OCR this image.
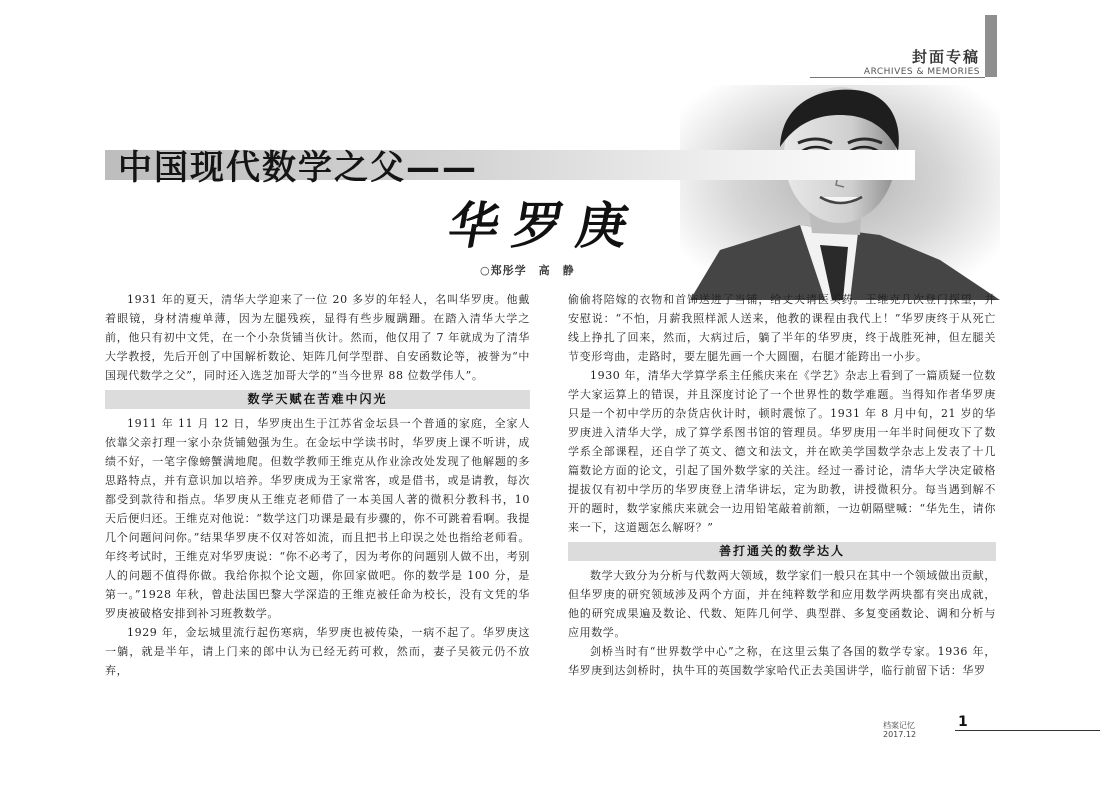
封面专稿
ARCHIVES & MEMORIES
中国现代数学之父——
华罗庚
○郑彤学　高　静

1931 年的夏天，清华大学迎来了一位 20 多岁的年轻人，名叫华罗庚。他戴着眼镜，身材清瘦单薄，因为左腿残疾，显得有些步履蹒跚。在踏入清华大学之前，他只有初中文凭，在一个小杂货铺当伙计。然而，他仅用了 7 年就成为了清华大学教授，先后开创了中国解析数论、矩阵几何学型群、自安函数论等，被誉为“中国现代数学之父”，同时还入选芝加哥大学的“当今世界 88 位数学伟人”。

数学天赋在苦难中闪光

1911 年 11 月 12 日，华罗庚出生于江苏省金坛县一个普通的家庭，全家人依靠父亲打理一家小杂货铺勉强为生。在金坛中学读书时，华罗庚上课不听讲，成绩不好，一笔字像螃蟹满地爬。但数学教师王维克从作业涂改处发现了他解题的多思路特点，并有意识加以培养。华罗庚成为王家常客，或是借书，或是请教，每次都受到款待和指点。华罗庚从王维克老师借了一本美国人著的微积分教科书，10 天后便归还。王维克对他说：“数学这门功课是最有步骤的，你不可跳着看啊。我提几个问题问问你。”结果华罗庚不仅对答如流，而且把书上印误之处也指给老师看。年终考试时，王维克对华罗庚说：“你不必考了，因为考你的问题别人做不出，考别人的问题不值得你做。我给你拟个论文题，你回家做吧。你的数学是 100 分，是第一。”1928 年秋，曾赴法国巴黎大学深造的王维克被任命为校长，没有文凭的华罗庚被破格安排到补习班教数学。

1929 年，金坛城里流行起伤寒病，华罗庚也被传染，一病不起了。华罗庚这一躺，就是半年，请上门来的郎中认为已经无药可救，然而，妻子吴筱元仍不放弃，

偷偷将陪嫁的衣物和首饰送进了当铺，给丈夫请医买药。王维克几次登门探望，并安慰说：“不怕，月薪我照样派人送来，他教的课程由我代上！”华罗庚终于从死亡线上挣扎了回来，然而，大病过后，躺了半年的华罗庚，终于战胜死神，但左腿关节变形弯曲，走路时，要左腿先画一个大圆圈，右腿才能跨出一小步。

1930 年，清华大学算学系主任熊庆来在《学艺》杂志上看到了一篇质疑一位数学大家运算上的错误，并且深度讨论了一个世界性的数学难题。当得知作者华罗庚只是一个初中学历的杂货店伙计时，顿时震惊了。1931 年 8 月中旬，21 岁的华罗庚进入清华大学，成了算学系图书馆的管理员。华罗庚用一年半时间便攻下了数学系全部课程，还自学了英文、德文和法文，并在欧美学国数学杂志上发表了十几篇数论方面的论文，引起了国外数学家的关注。经过一番讨论，清华大学决定破格提拔仅有初中学历的华罗庚登上清华讲坛，定为助教，讲授微积分。每当遇到解不开的题时，数学家熊庆来就会一边用铅笔敲着前额，一边朝隔壁喊：“华先生，请你来一下，这道题怎么解呀？”

善打通关的数学达人

数学大致分为分析与代数两大领域，数学家们一般只在其中一个领域做出贡献，但华罗庚的研究领域涉及两个方面，并在纯粹数学和应用数学两块都有突出成就，他的研究成果遍及数论、代数、矩阵几何学、典型群、多复变函数论、调和分析与应用数学。

剑桥当时有“世界数学中心”之称，在这里云集了各国的数学专家。1936 年，华罗庚到达剑桥时，执牛耳的英国数学家哈代正去美国讲学，临行前留下话：华罗

档案记忆
2017.12
1
